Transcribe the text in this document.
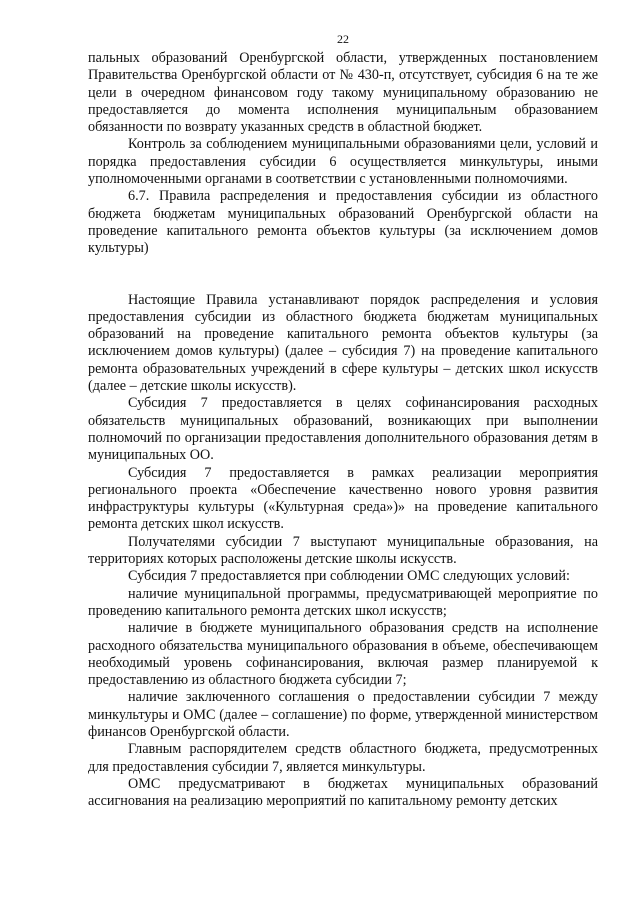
22

пальных образований Оренбургской области, утвержденных постановлением Правительства Оренбургской области от № 430-п, отсутствует, субсидия 6 на те же цели в очередном финансовом году такому муниципальному образованию не предоставляется до момента исполнения муниципальным образованием обязанности по возврату указанных средств в областной бюджет.

Контроль за соблюдением муниципальными образованиями цели, условий и порядка предоставления субсидии 6 осуществляется минкультуры, иными уполномоченными органами в соответствии с установленными полномочиями.

6.7. Правила распределения и предоставления субсидии из областного бюджета бюджетам муниципальных образований Оренбургской области на проведение капитального ремонта объектов культуры (за исключением домов культуры)

Настоящие Правила устанавливают порядок распределения и условия предоставления субсидии из областного бюджета бюджетам муниципальных образований на проведение капитального ремонта объектов культуры (за исключением домов культуры) (далее – субсидия 7) на проведение капитального ремонта образовательных учреждений в сфере культуры – детских школ искусств (далее – детские школы искусств).

Субсидия 7 предоставляется в целях софинансирования расходных обязательств муниципальных образований, возникающих при выполнении полномочий по организации предоставления дополнительного образования детям в муниципальных ОО.

Субсидия 7 предоставляется в рамках реализации мероприятия регионального проекта «Обеспечение качественно нового уровня развития инфраструктуры культуры («Культурная среда»)» на проведение капитального ремонта детских школ искусств.

Получателями субсидии 7 выступают муниципальные образования, на территориях которых расположены детские школы искусств.

Субсидия 7 предоставляется при соблюдении ОМС следующих условий:

наличие муниципальной программы, предусматривающей мероприятие по проведению капитального ремонта детских школ искусств;

наличие в бюджете муниципального образования средств на исполнение расходного обязательства муниципального образования в объеме, обеспечивающем необходимый уровень софинансирования, включая размер планируемой к предоставлению из областного бюджета субсидии 7;

наличие заключенного соглашения о предоставлении субсидии 7 между минкультуры и ОМС (далее – соглашение) по форме, утвержденной министерством финансов Оренбургской области.

Главным распорядителем средств областного бюджета, предусмотренных для предоставления субсидии 7, является минкультуры.

ОМС предусматривают в бюджетах муниципальных образований ассигнования на реализацию мероприятий по капитальному ремонту детских
